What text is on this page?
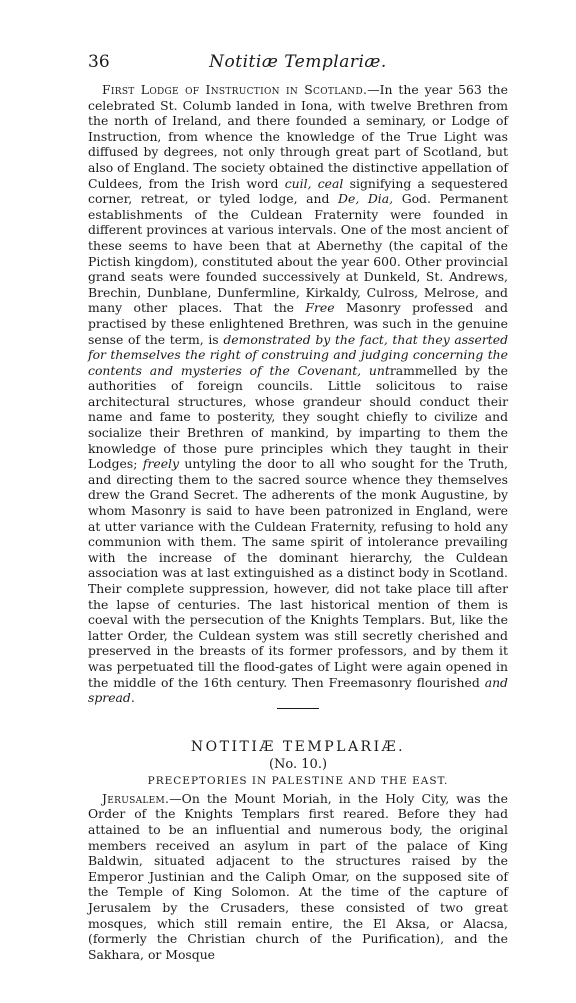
36	Notitiæ Templariæ.

First Lodge of Instruction in Scotland.—In the year 563 the celebrated St. Columb landed in Iona, with twelve Brethren from the north of Ireland, and there founded a seminary, or Lodge of Instruction, from whence the knowledge of the True Light was diffused by degrees, not only through great part of Scotland, but also of England. The society obtained the distinctive appellation of Culdees, from the Irish word cuil, ceal signifying a sequestered corner, retreat, or tyled lodge, and De, Dia, God. Permanent establishments of the Culdean Fraternity were founded in different provinces at various intervals. One of the most ancient of these seems to have been that at Abernethy (the capital of the Pictish kingdom), constituted about the year 600. Other provincial grand seats were founded successively at Dunkeld, St. Andrews, Brechin, Dunblane, Dunfermline, Kirkaldy, Culross, Melrose, and many other places. That the Free Masonry professed and practised by these enlightened Brethren, was such in the genuine sense of the term, is demonstrated by the fact, that they asserted for themselves the right of construing and judging concerning the contents and mysteries of the Covenant, untrammelled by the authorities of foreign councils. Little solicitous to raise architectural structures, whose grandeur should conduct their name and fame to posterity, they sought chiefly to civilize and socialize their Brethren of mankind, by imparting to them the knowledge of those pure principles which they taught in their Lodges; freely untyling the door to all who sought for the Truth, and directing them to the sacred source whence they themselves drew the Grand Secret. The adherents of the monk Augustine, by whom Masonry is said to have been patronized in England, were at utter variance with the Culdean Fraternity, refusing to hold any communion with them. The same spirit of intolerance prevailing with the increase of the dominant hierarchy, the Culdean association was at last extinguished as a distinct body in Scotland. Their complete suppression, however, did not take place till after the lapse of centuries. The last historical mention of them is coeval with the persecution of the Knights Templars. But, like the latter Order, the Culdean system was still secretly cherished and preserved in the breasts of its former professors, and by them it was perpetuated till the flood-gates of Light were again opened in the middle of the 16th century. Then Freemasonry flourished and spread.

NOTITIÆ TEMPLARIÆ.
(No. 10.)
PRECEPTORIES IN PALESTINE AND THE EAST.

Jerusalem.—On the Mount Moriah, in the Holy City, was the Order of the Knights Templars first reared. Before they had attained to be an influential and numerous body, the original members received an asylum in part of the palace of King Baldwin, situated adjacent to the structures raised by the Emperor Justinian and the Caliph Omar, on the supposed site of the Temple of King Solomon. At the time of the capture of Jerusalem by the Crusaders, these consisted of two great mosques, which still remain entire, the El Aksa, or Alacsa, (formerly the Christian church of the Purification), and the Sakhara, or Mosque
